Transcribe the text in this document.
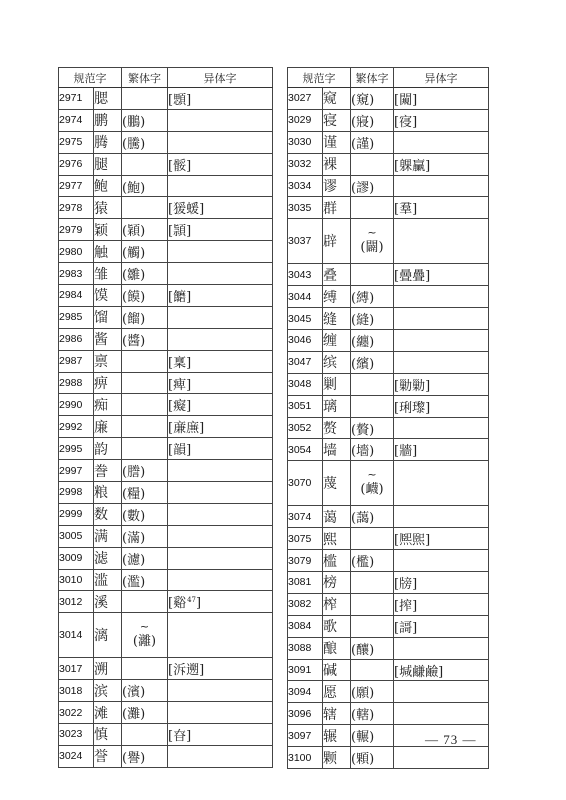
规范字		繁体字	异体字
2971	腮		[顋]
2974	鹏	(鵬)	
2975	腾	(騰)	
2976	腿		[骽]
2977	鲍	(鮑)	
2978	猿		[猨蝯]
2979	颖	(穎)	[頴]
2980	触	(觸)	
2983	雏	(雛)	
2984	馍	(饃)	[饝]
2985	馏	(餾)	
2986	酱	(醬)	
2987	禀		[稟]
2988	痹		[痺]
2990	痴		[癡]
2992	廉		[亷㢘]
2995	韵		[韻]
2997	誊	(謄)	
2998	粮	(糧)	
2999	数	(數)	
3005	满	(滿)	
3009	滤	(濾)	
3010	滥	(濫)	
3012	溪		[谿$^{47}$]
3014	漓	~
(灕)	

3017	溯		[泝遡]
3018	滨	(濱)	
3022	滩	(灘)	
3023	慎		[昚]
3024	誉	(譽)	
规范字		繁体字	异体字
3027	窥	(窺)	[闚]
3029	寝	(寢)	[寑]
3030	谨	(謹)	
3032	裸		[躶臝]
3034	谬	(謬)	
3035	群		[羣]
3037	辟	~
(闢)	

3043	叠		[曡疊]
3044	缚	(縛)	
3045	缝	(縫)	
3046	缠	(纏)	
3047	缤	(繽)	
3048	剿		[勦勦]
3051	璃		[琍瓈]
3052	赘	(贅)	
3054	墙	(墻)	[牆]
3070	蔑	~
(衊)	

3074	蔼	(藹)	
3075	熙		[熈煕]
3079	槛	(檻)	
3081	榜		[牓]
3082	榨		[搾]
3084	歌		[謌]
3088	酿	(釀)	
3091	碱		[堿鹻鹼]
3094	愿	(願)	
3096	辖	(轄)	
3097	辗	(輾)	
3100	颗	(顆)	
— 73 —
